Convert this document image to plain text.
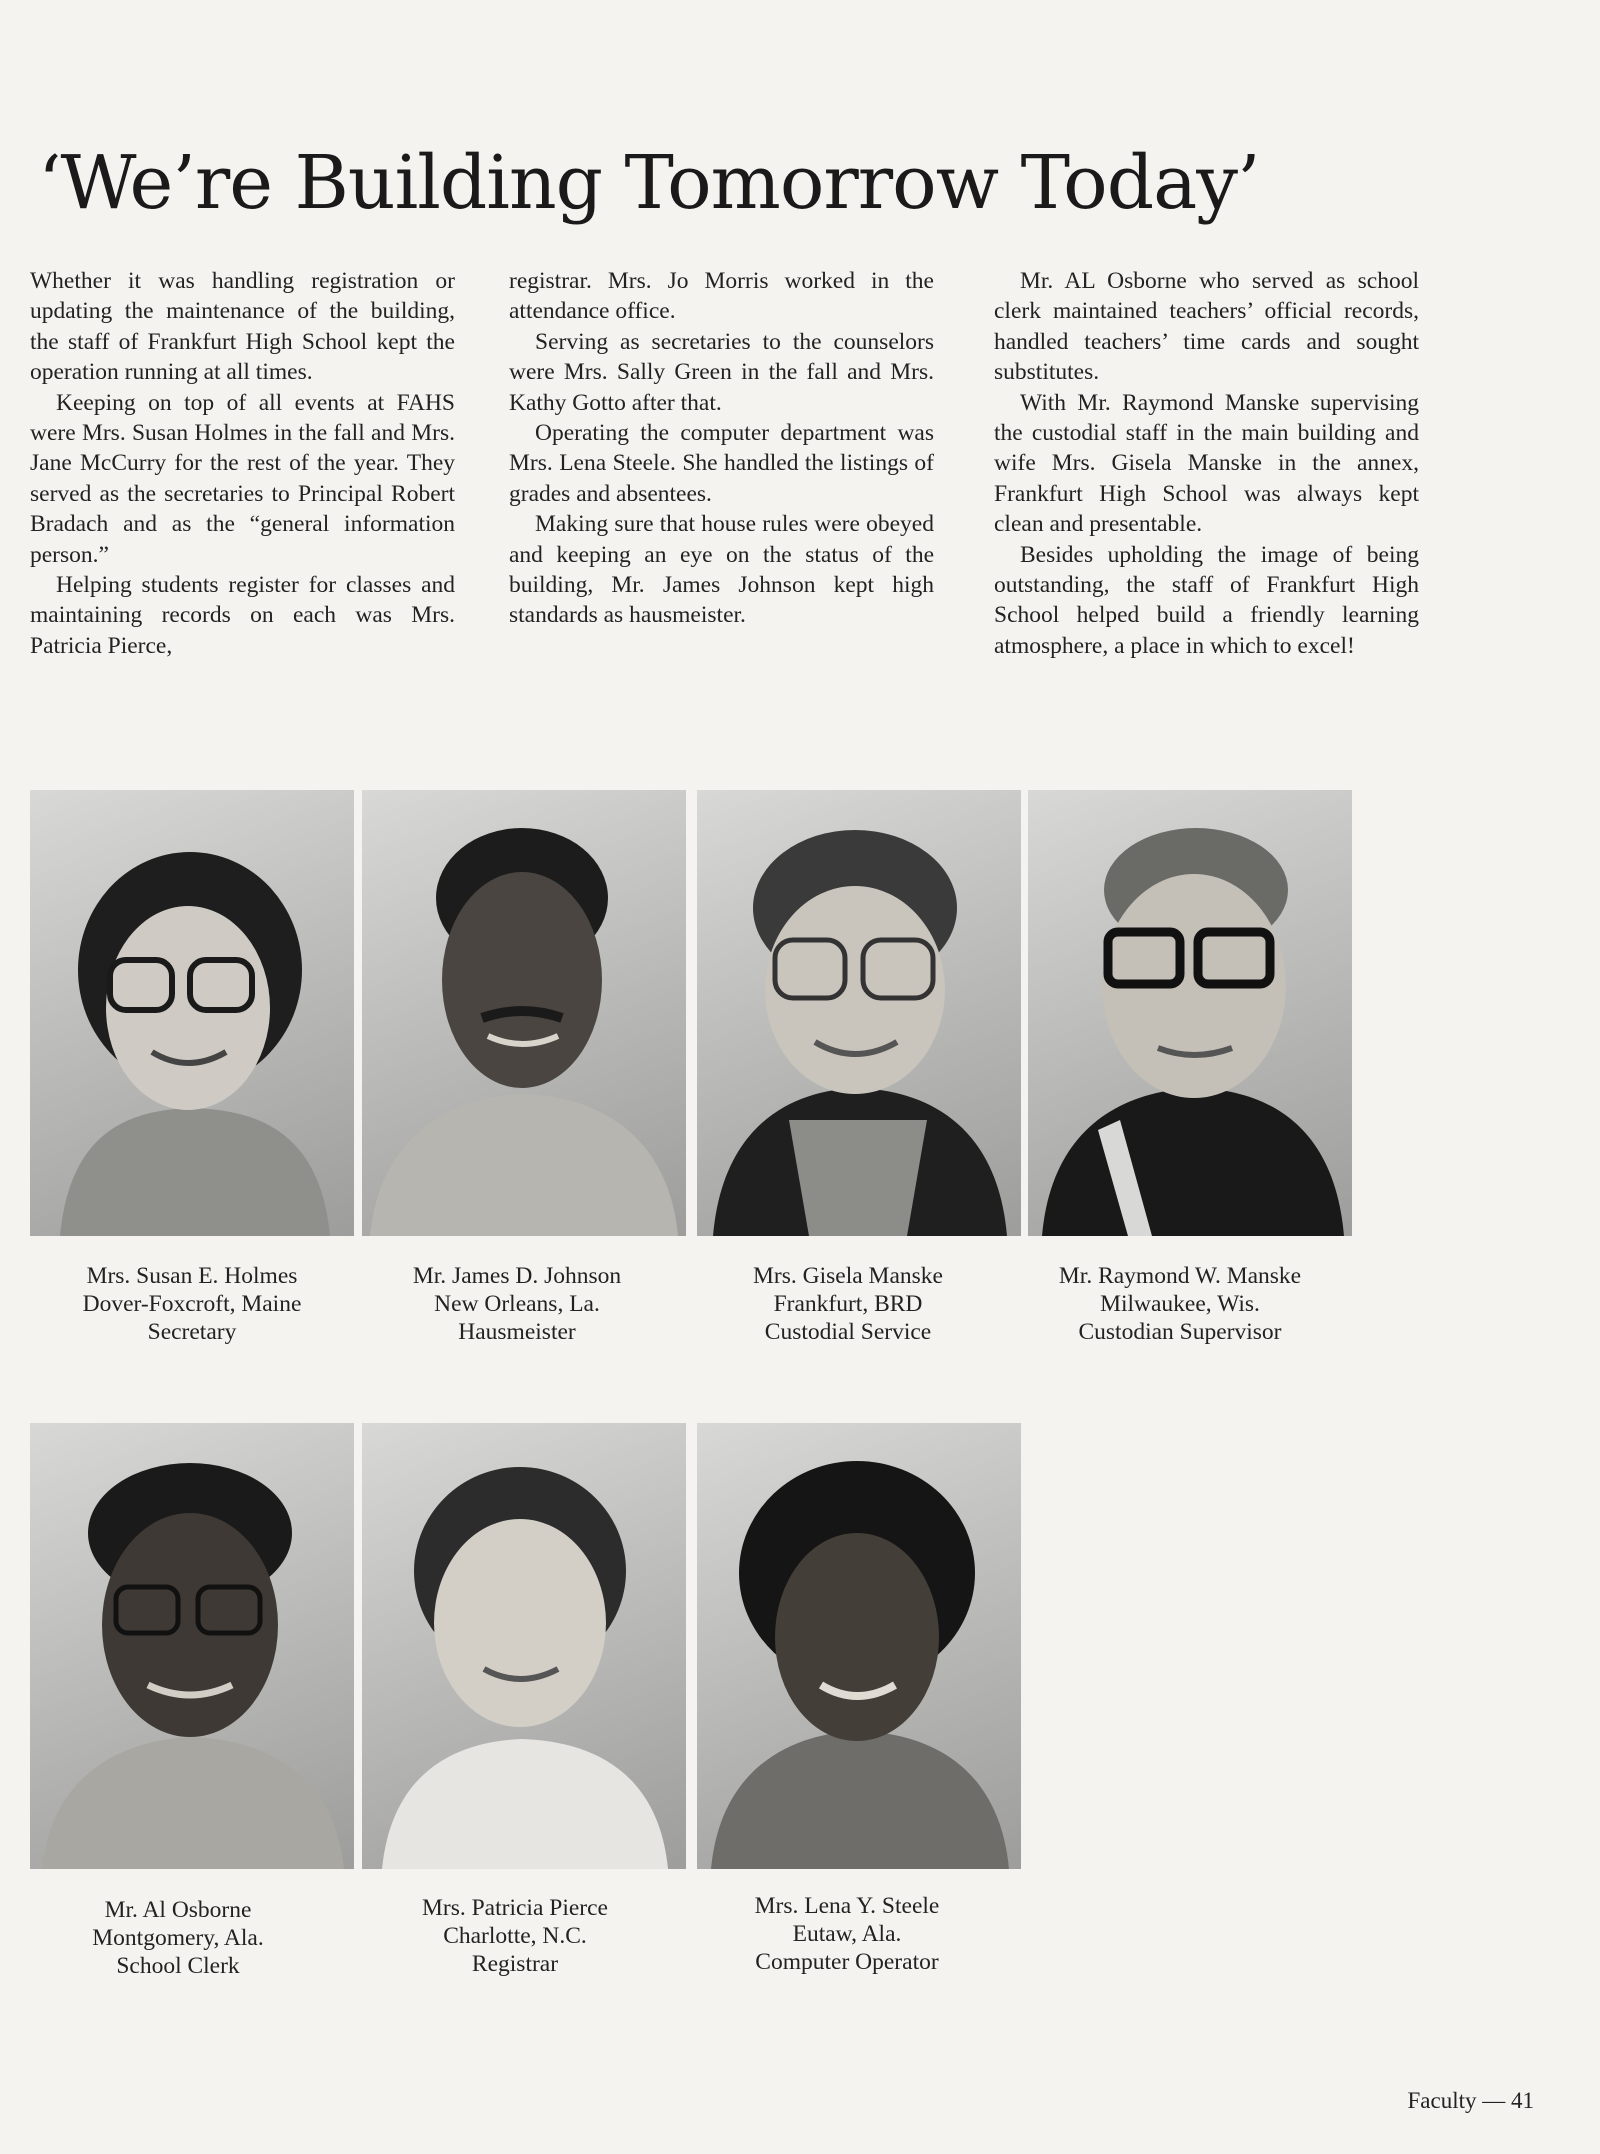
‘We’re Building Tomorrow Today’

Whether it was handling registration or updating the maintenance of the building, the staff of Frankfurt High School kept the operation running at all times.

Keeping on top of all events at FAHS were Mrs. Susan Holmes in the fall and Mrs. Jane McCurry for the rest of the year. They served as the secretaries to Principal Robert Bradach and as the “general information person.”

Helping students register for classes and maintaining records on each was Mrs. Patricia Pierce,

registrar. Mrs. Jo Morris worked in the attendance office.

Serving as secretaries to the counselors were Mrs. Sally Green in the fall and Mrs. Kathy Gotto after that.

Operating the computer department was Mrs. Lena Steele. She handled the listings of grades and absentees.

Making sure that house rules were obeyed and keeping an eye on the status of the building, Mr. James Johnson kept high standards as hausmeister.

Mr. AL Osborne who served as school clerk maintained teachers’ official records, handled teachers’ time cards and sought substitutes.

With Mr. Raymond Manske supervising the custodial staff in the main building and wife Mrs. Gisela Manske in the annex, Frankfurt High School was always kept clean and presentable.

Besides upholding the image of being outstanding, the staff of Frankfurt High School helped build a friendly learning atmosphere, a place in which to excel!

Mrs. Susan E. Holmes
Dover-Foxcroft, Maine
Secretary
Mr. James D. Johnson
New Orleans, La.
Hausmeister
Mrs. Gisela Manske
Frankfurt, BRD
Custodial Service
Mr. Raymond W. Manske
Milwaukee, Wis.
Custodian Supervisor
Mr. Al Osborne
Montgomery, Ala.
School Clerk
Mrs. Patricia Pierce
Charlotte, N.C.
Registrar
Mrs. Lena Y. Steele
Eutaw, Ala.
Computer Operator
Faculty — 41
